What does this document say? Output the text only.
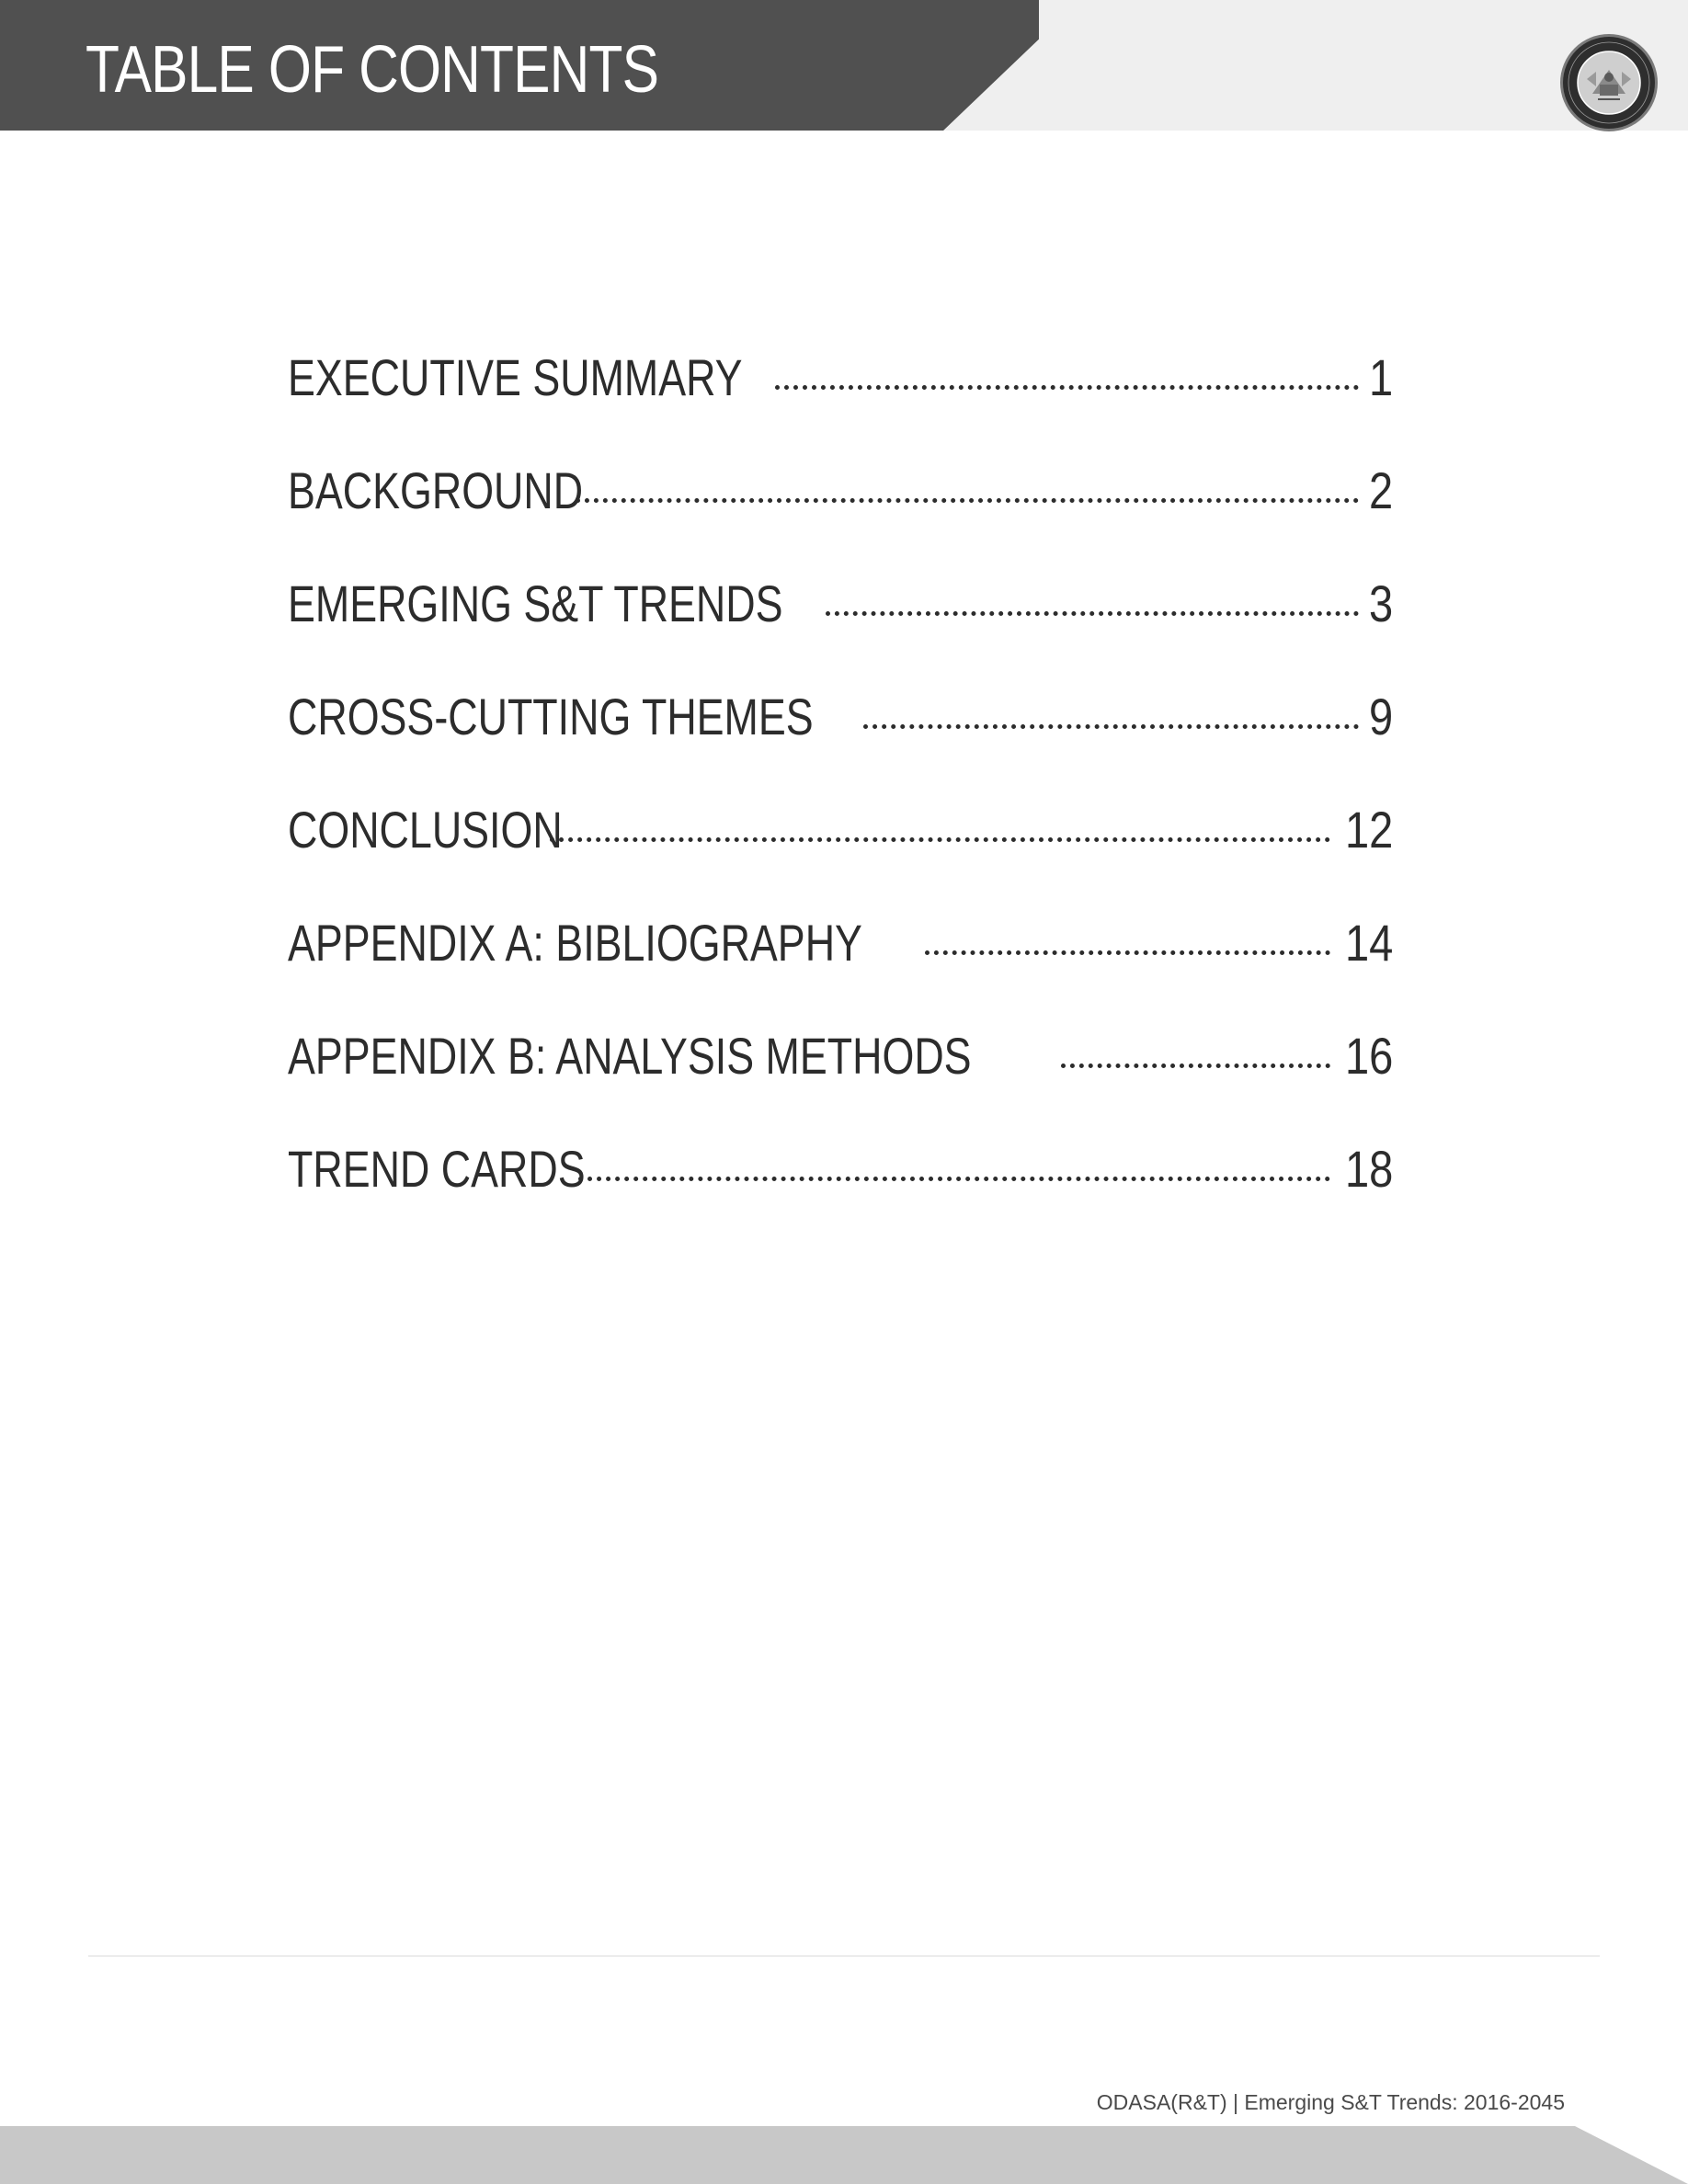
TABLE OF CONTENTS
EXECUTIVE SUMMARY	1
BACKGROUND	2
EMERGING S&T TRENDS	3
CROSS-CUTTING THEMES	9
CONCLUSION	12
APPENDIX A: BIBLIOGRAPHY	14
APPENDIX B: ANALYSIS METHODS	16
TREND CARDS	18
ODASA(R&T) | Emerging S&T Trends: 2016-2045
